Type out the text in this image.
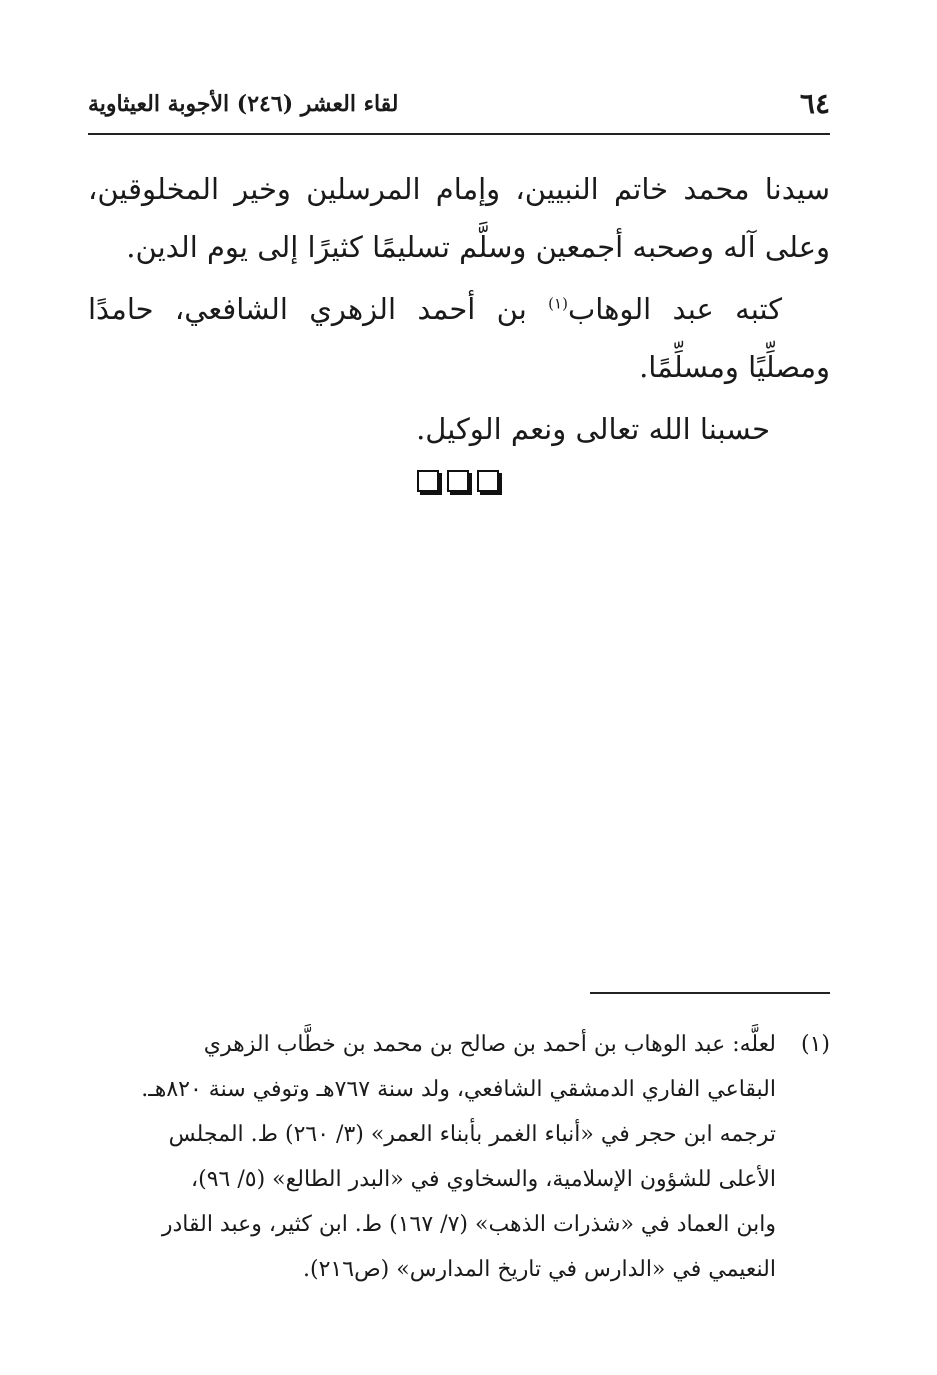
٦٤
لقاء العشر (٢٤٦) الأجوبة العيثاوية

سيدنا محمد خاتم النبيين، وإمام المرسلين وخير المخلوقين، وعلى آله وصحبه أجمعين وسلَّم تسليمًا كثيرًا إلى يوم الدين.

كتبه عبد الوهاب$^{(١)}$ بن أحمد الزهري الشافعي، حامدًا ومصلِّيًا ومسلِّمًا.

حسبنا الله تعالى ونعم الوكيل.

(١)
لعلَّه: عبد الوهاب بن أحمد بن صالح بن محمد بن خطَّاب الزهري
البقاعي الفاري الدمشقي الشافعي، ولد سنة ٧٦٧هـ وتوفي سنة ٨٢٠هـ.
ترجمه ابن حجر في «أنباء الغمر بأبناء العمر» (٣/ ٢٦٠) ط. المجلس
الأعلى للشؤون الإسلامية، والسخاوي في «البدر الطالع» (٥/ ٩٦)،
وابن العماد في «شذرات الذهب» (٧/ ١٦٧) ط. ابن كثير، وعبد القادر
النعيمي في «الدارس في تاريخ المدارس» (ص٢١٦).
